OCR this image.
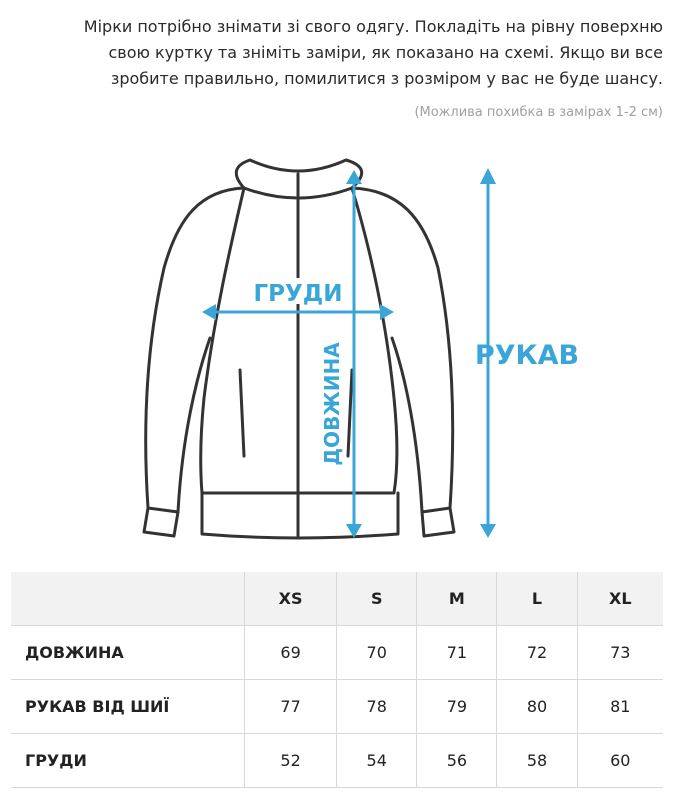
Мірки потрібно знімати зі свого одягу. Покладіть на рівну поверхню

свою куртку та зніміть заміри, як показано на схемі. Якщо ви все

зробите правильно, помилитися з розміром у вас не буде шансу.

(Можлива похибка в замірах 1-2 см)
ГРУДИ
ДОВЖИНА	РУКАВ
	XS	S	M	L	XL
ДОВЖИНА	69	70	71	72	73
РУКАВ ВІД ШИЇ	77	78	79	80	81
ГРУДИ	52	54	56	58	60
